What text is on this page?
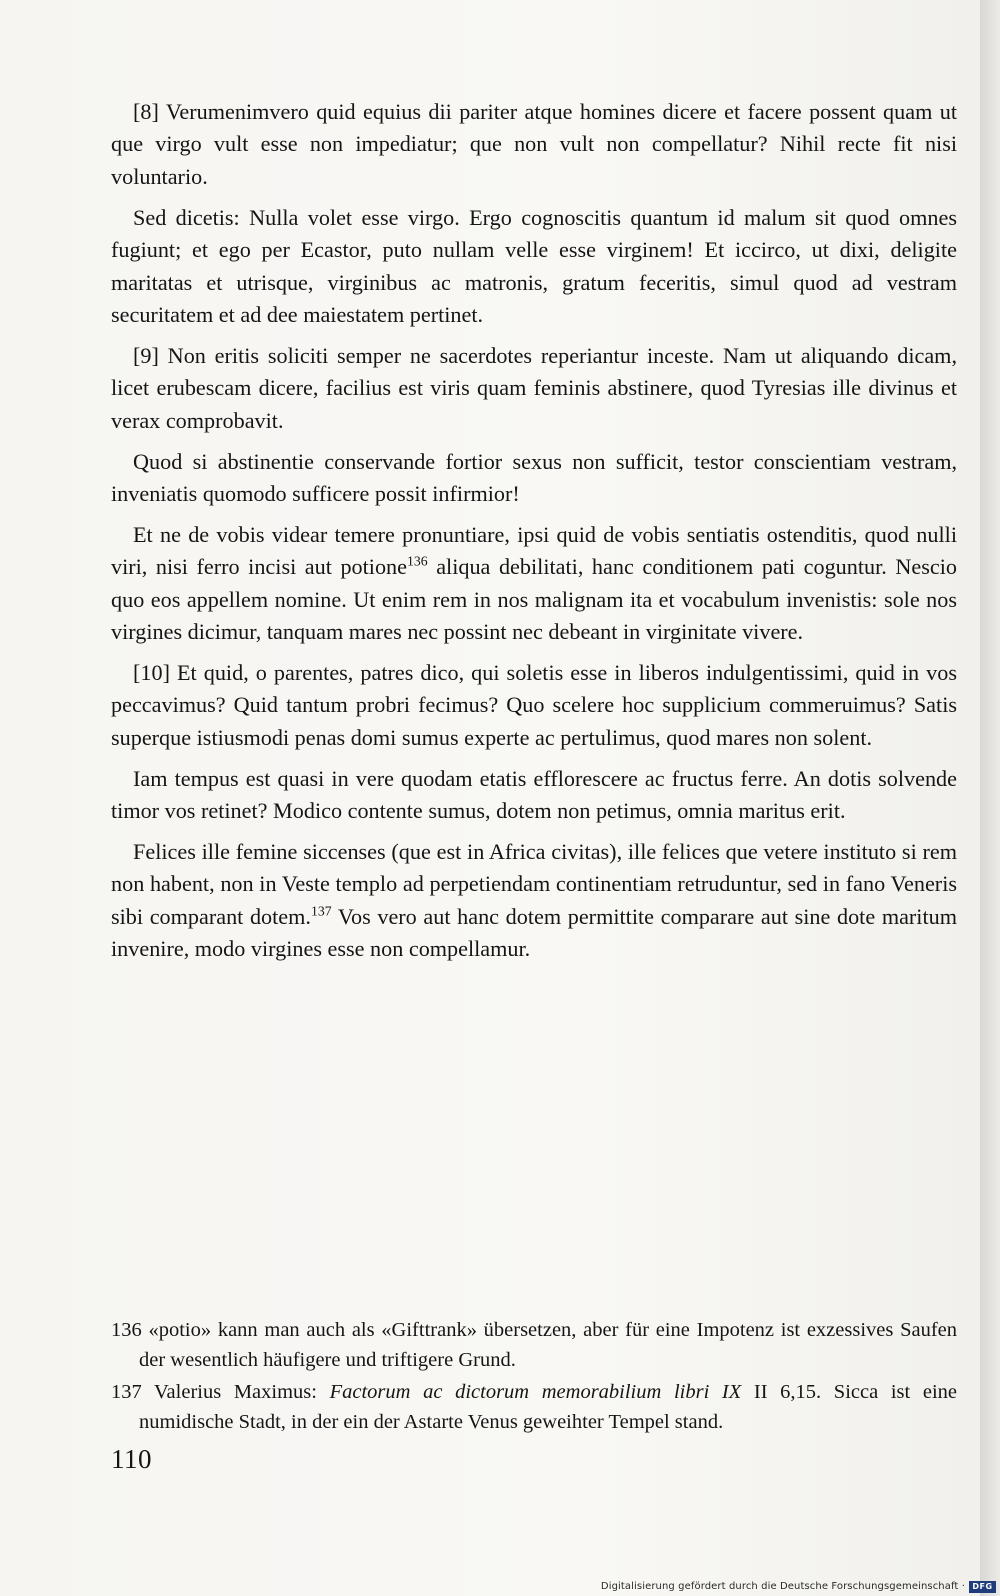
[8] Verumenimvero quid equius dii pariter atque homines dicere et facere possent quam ut que virgo vult esse non impediatur; que non vult non compellatur? Nihil recte fit nisi voluntario.

Sed dicetis: Nulla volet esse virgo. Ergo cognoscitis quantum id malum sit quod omnes fugiunt; et ego per Ecastor, puto nullam velle esse virginem! Et iccirco, ut dixi, deligite maritatas et utrisque, virginibus ac matronis, gratum feceritis, simul quod ad vestram securitatem et ad dee maiestatem pertinet.

[9] Non eritis soliciti semper ne sacerdotes reperiantur inceste. Nam ut aliquando dicam, licet erubescam dicere, facilius est viris quam feminis abstinere, quod Tyresias ille divinus et verax comprobavit.

Quod si abstinentie conservande fortior sexus non sufficit, testor conscientiam vestram, inveniatis quomodo sufficere possit infirmior!

Et ne de vobis videar temere pronuntiare, ipsi quid de vobis sentiatis ostenditis, quod nulli viri, nisi ferro incisi aut potione$^{136}$ aliqua debilitati, hanc conditionem pati coguntur. Nescio quo eos appellem nomine. Ut enim rem in nos malignam ita et vocabulum invenistis: sole nos virgines dicimur, tanquam mares nec possint nec debeant in virginitate vivere.

[10] Et quid, o parentes, patres dico, qui soletis esse in liberos indulgentissimi, quid in vos peccavimus? Quid tantum probri fecimus? Quo scelere hoc supplicium commeruimus? Satis superque istiusmodi penas domi sumus experte ac pertulimus, quod mares non solent.

Iam tempus est quasi in vere quodam etatis efflorescere ac fructus ferre. An dotis solvende timor vos retinet? Modico contente sumus, dotem non petimus, omnia maritus erit.

Felices ille femine siccenses (que est in Africa civitas), ille felices que vetere instituto si rem non habent, non in Veste templo ad perpetiendam continentiam retruduntur, sed in fano Veneris sibi comparant dotem.$^{137}$ Vos vero aut hanc dotem permittite comparare aut sine dote maritum invenire, modo virgines esse non compellamur.

136 «potio» kann man auch als «Gifttrank» übersetzen, aber für eine Impotenz ist exzessives Saufen der wesentlich häufigere und triftigere Grund.
137 Valerius Maximus: Factorum ac dictorum memorabilium libri IX II 6,15. Sicca ist eine numidische Stadt, in der ein der Astarte Venus geweihter Tempel stand.
110
Digitalisierung gefördert durch die Deutsche Forschungsgemeinschaft · DFG
